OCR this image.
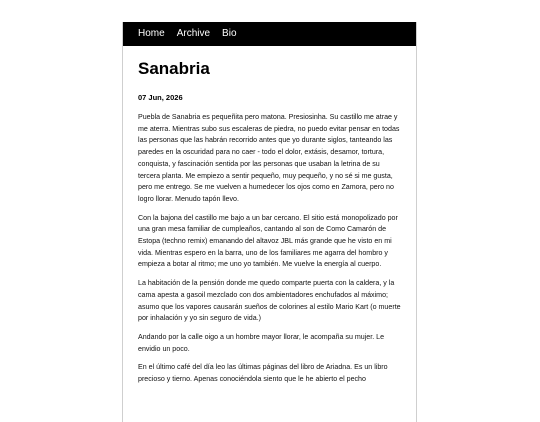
Home Archive Bio
Sanabria
07 Jun, 2026

Puebla de Sanabria es pequeñita pero matona. Presiosinha. Su castillo me atrae y me aterra. Mientras subo sus escaleras de piedra, no puedo evitar pensar en todas las personas que las habrán recorrido antes que yo durante siglos, tanteando las paredes en la oscuridad para no caer - todo el dolor, extásis, desamor, tortura, conquista, y fascinación sentida por las personas que usaban la letrina de su tercera planta. Me empiezo a sentir pequeño, muy pequeño, y no sé si me gusta, pero me entrego. Se me vuelven a humedecer los ojos como en Zamora, pero no logro llorar. Menudo tapón llevo.

Con la bajona del castillo me bajo a un bar cercano. El sitio está monopolizado por una gran mesa familiar de cumpleaños, cantando al son de Como Camarón de Estopa (techno remix) emanando del altavoz JBL más grande que he visto en mi vida. Mientras espero en la barra, uno de los familiares me agarra del hombro y empieza a botar al ritmo; me uno yo también. Me vuelve la energía al cuerpo.

La habitación de la pensión donde me quedo comparte puerta con la caldera, y la cama apesta a gasoil mezclado con dos ambientadores enchufados al máximo; asumo que los vapores causarán sueños de colorines al estilo Mario Kart (o muerte por inhalación y yo sin seguro de vida.)

Andando por la calle oigo a un hombre mayor llorar, le acompaña su mujer. Le envidio un poco.

En el último café del día leo las últimas páginas del libro de Ariadna. Es un libro precioso y tierno. Apenas conociéndola siento que le he abierto el pecho
